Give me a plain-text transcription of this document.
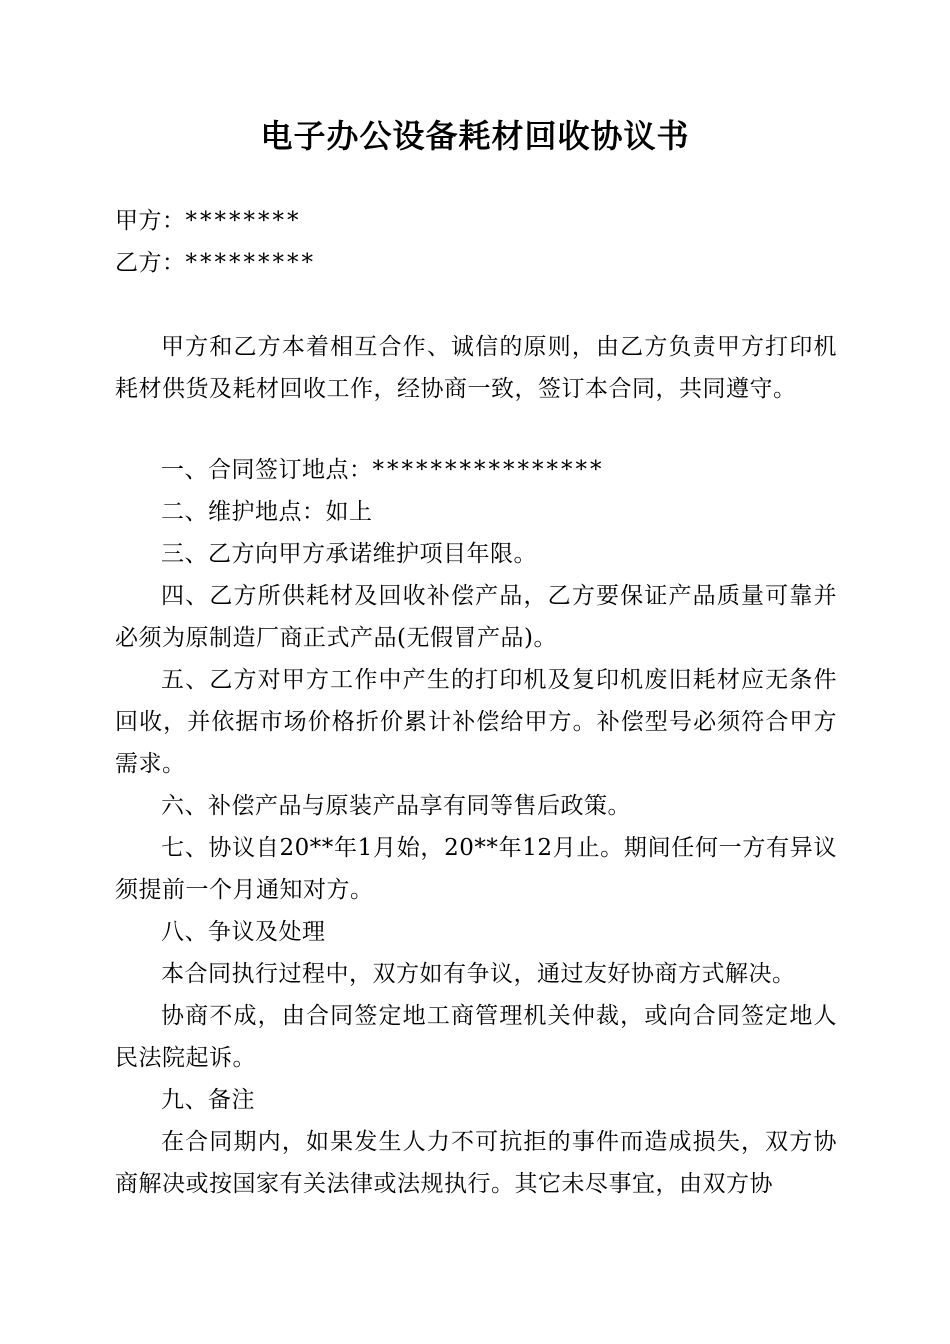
电子办公设备耗材回收协议书

甲方：********

乙方：*********

甲方和乙方本着相互合作、诚信的原则，由乙方负责甲方打印机耗材供货及耗材回收工作，经协商一致，签订本合同，共同遵守。

一、合同签订地点：****************

二、维护地点：如上

三、乙方向甲方承诺维护项目年限。

四、乙方所供耗材及回收补偿产品，乙方要保证产品质量可靠并必须为原制造厂商正式产品(无假冒产品)。

五、乙方对甲方工作中产生的打印机及复印机废旧耗材应无条件回收，并依据市场价格折价累计补偿给甲方。补偿型号必须符合甲方需求。

六、补偿产品与原装产品享有同等售后政策。

七、协议自20**年1月始，20**年12月止。期间任何一方有异议须提前一个月通知对方。

八、争议及处理

本合同执行过程中，双方如有争议，通过友好协商方式解决。

协商不成，由合同签定地工商管理机关仲裁，或向合同签定地人民法院起诉。

九、备注

在合同期内，如果发生人力不可抗拒的事件而造成损失，双方协商解决或按国家有关法律或法规执行。其它未尽事宜，由双方协
